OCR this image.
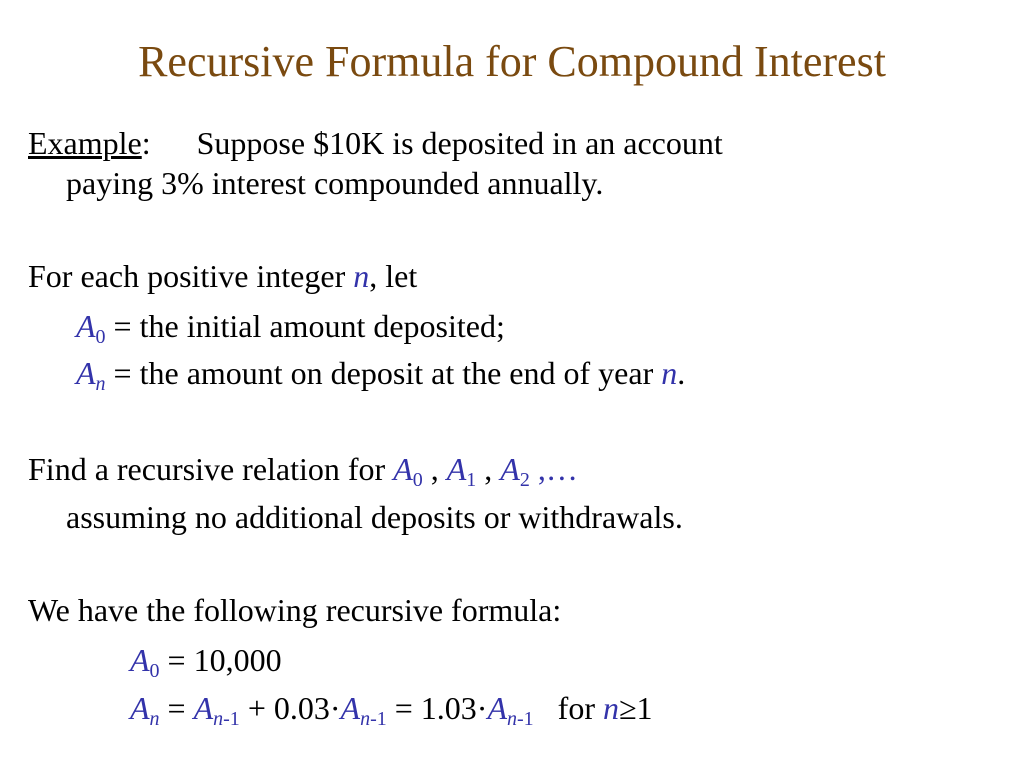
Recursive Formula for Compound Interest
Example: Suppose $10K is deposited in an account
paying 3% interest compounded annually.
For each positive integer n, let
$A_0$ = the initial amount deposited;
$A_n$ = the amount on deposit at the end of year n.
Find a recursive relation for $A_0$ , $A_1$ , $A_2$ ,…
assuming no additional deposits or withdrawals.
We have the following recursive formula:
$A_0 = 10,000$
$A_n = A_{n-1} + 0.03\cdot A_{n-1} = 1.03\cdot A_{n-1}$   for n≥1
